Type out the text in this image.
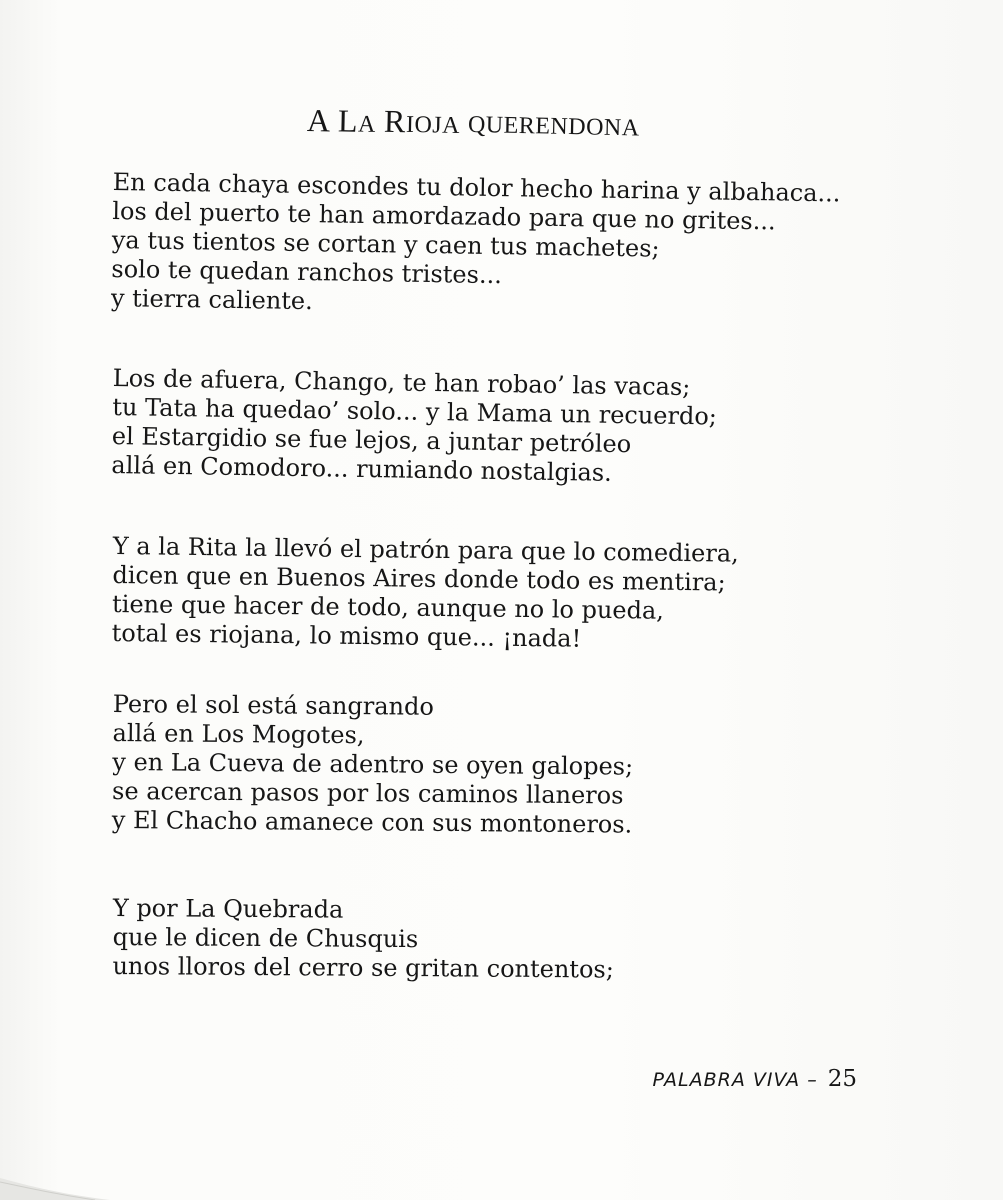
A LA RIOJA QUERENDONA
En cada chaya escondes tu dolor hecho harina y albahaca...
los del puerto te han amordazado para que no grites...
ya tus tientos se cortan y caen tus machetes;
solo te quedan ranchos tristes...
y tierra caliente.
Los de afuera, Chango, te han robao’ las vacas;
tu Tata ha quedao’ solo... y la Mama un recuerdo;
el Estargidio se fue lejos, a juntar petróleo
allá en Comodoro... rumiando nostalgias.
Y a la Rita la llevó el patrón para que lo comediera,
dicen que en Buenos Aires donde todo es mentira;
tiene que hacer de todo, aunque no lo pueda,
total es riojana, lo mismo que... ¡nada!
Pero el sol está sangrando
allá en Los Mogotes,
y en La Cueva de adentro se oyen galopes;
se acercan pasos por los caminos llaneros
y El Chacho amanece con sus montoneros.
Y por La Quebrada
que le dicen de Chusquis
unos lloros del cerro se gritan contentos;
PALABRA VIVA – 25
